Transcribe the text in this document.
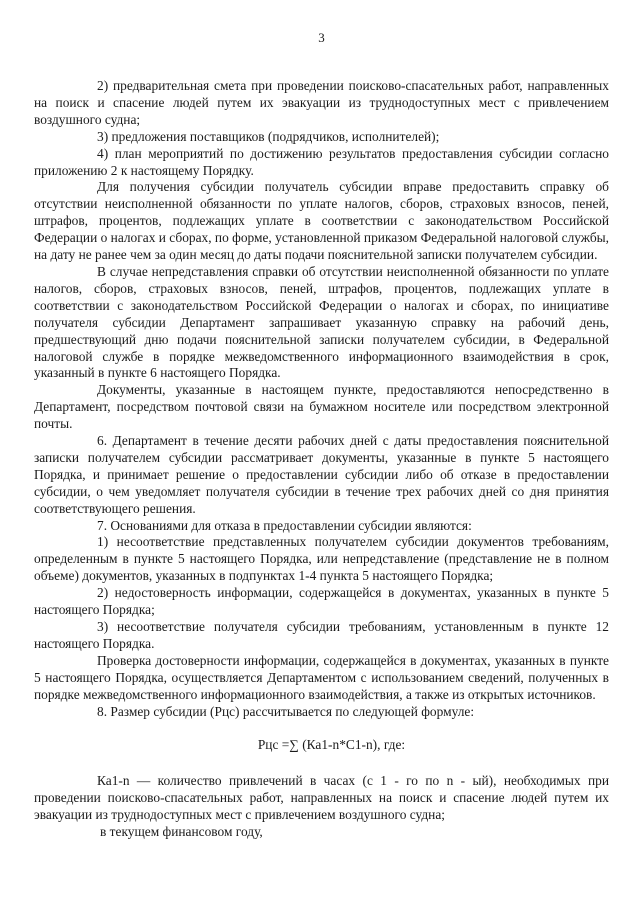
3

2) предварительная смета при проведении поисково-спасательных работ, направленных на поиск и спасение людей путем их эвакуации из труднодоступных мест с привлечением воздушного судна;

3) предложения поставщиков (подрядчиков, исполнителей);

4) план мероприятий по достижению результатов предоставления субсидии согласно приложению 2 к настоящему Порядку.

Для получения субсидии получатель субсидии вправе предоставить справку об отсутствии неисполненной обязанности по уплате налогов, сборов, страховых взносов, пеней, штрафов, процентов, подлежащих уплате в соответствии с законодательством Российской Федерации о налогах и сборах, по форме, установленной приказом Федеральной налоговой службы, на дату не ранее чем за один месяц до даты подачи пояснительной записки получателем субсидии.

В случае непредставления справки об отсутствии неисполненной обязанности по уплате налогов, сборов, страховых взносов, пеней, штрафов, процентов, подлежащих уплате в соответствии с законодательством Российской Федерации о налогах и сборах, по инициативе получателя субсидии Департамент запрашивает указанную справку на рабочий день, предшествующий дню подачи пояснительной записки получателем субсидии, в Федеральной налоговой службе в порядке межведомственного информационного взаимодействия в срок, указанный в пункте 6 настоящего Порядка.

Документы, указанные в настоящем пункте, предоставляются непосредственно в Департамент, посредством почтовой связи на бумажном носителе или посредством электронной почты.

6. Департамент в течение десяти рабочих дней с даты предоставления пояснительной записки получателем субсидии рассматривает документы, указанные в пункте 5 настоящего Порядка, и принимает решение о предоставлении субсидии либо об отказе в предоставлении субсидии, о чем уведомляет получателя субсидии в течение трех рабочих дней со дня принятия соответствующего решения.

7. Основаниями для отказа в предоставлении субсидии являются:

1) несоответствие представленных получателем субсидии документов требованиям, определенным в пункте 5 настоящего Порядка, или непредставление (представление не в полном объеме) документов, указанных в подпунктах 1-4 пункта 5 настоящего Порядка;

2) недостоверность информации, содержащейся в документах, указанных в пункте 5 настоящего Порядка;

3) несоответствие получателя субсидии требованиям, установленным в пункте 12 настоящего Порядка.

Проверка достоверности информации, содержащейся в документах, указанных в пункте 5 настоящего Порядка, осуществляется Департаментом с использованием сведений, полученных в порядке межведомственного информационного взаимодействия, а также из открытых источников.

8. Размер субсидии (Рцс) рассчитывается по следующей формуле:

Рцс =∑ (Ка1-n*C1-n), где:

Ка1-n — количество привлечений в часах (с 1 - го по n - ый), необходимых при проведении поисково-спасательных работ, направленных на поиск и спасение людей путем их эвакуации из труднодоступных мест с привлечением воздушного судна;

в текущем финансовом году,
